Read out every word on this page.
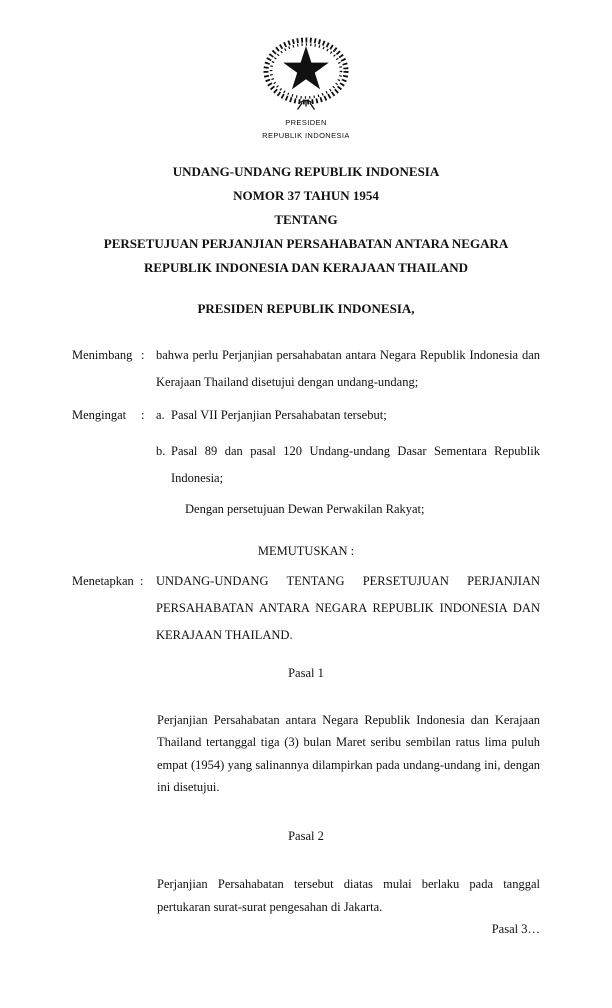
PRESIDEN
REPUBLIK INDONESIA
UNDANG-UNDANG REPUBLIK INDONESIA
NOMOR 37 TAHUN 1954
TENTANG
PERSETUJUAN PERJANJIAN PERSAHABATAN ANTARA NEGARA
REPUBLIK INDONESIA DAN KERAJAAN THAILAND

PRESIDEN REPUBLIK INDONESIA,

Menimbang : bahwa perlu Perjanjian persahabatan antara Negara Republik Indonesia dan Kerajaan Thailand disetujui dengan undang-undang;
Mengingat : a. Pasal VII Perjanjian Persahabatan tersebut;
b. Pasal 89 dan pasal 120 Undang-undang Dasar Sementara Republik Indonesia;
Dengan persetujuan Dewan Perwakilan Rakyat;
MEMUTUSKAN :
Menetapkan :	UNDANG-UNDANG TENTANG PERSETUJUAN PERJANJIAN PERSAHABATAN ANTARA NEGARA REPUBLIK INDONESIA DAN KERAJAAN THAILAND.
Pasal 1

Perjanjian Persahabatan antara Negara Republik Indonesia dan Kerajaan Thailand tertanggal tiga (3) bulan Maret seribu sembilan ratus lima puluh empat (1954) yang salinannya dilampirkan pada undang-undang ini, dengan ini disetujui.

Pasal 2

Perjanjian Persahabatan tersebut diatas mulai berlaku pada tanggal pertukaran surat-surat pengesahan di Jakarta.

Pasal 3…
